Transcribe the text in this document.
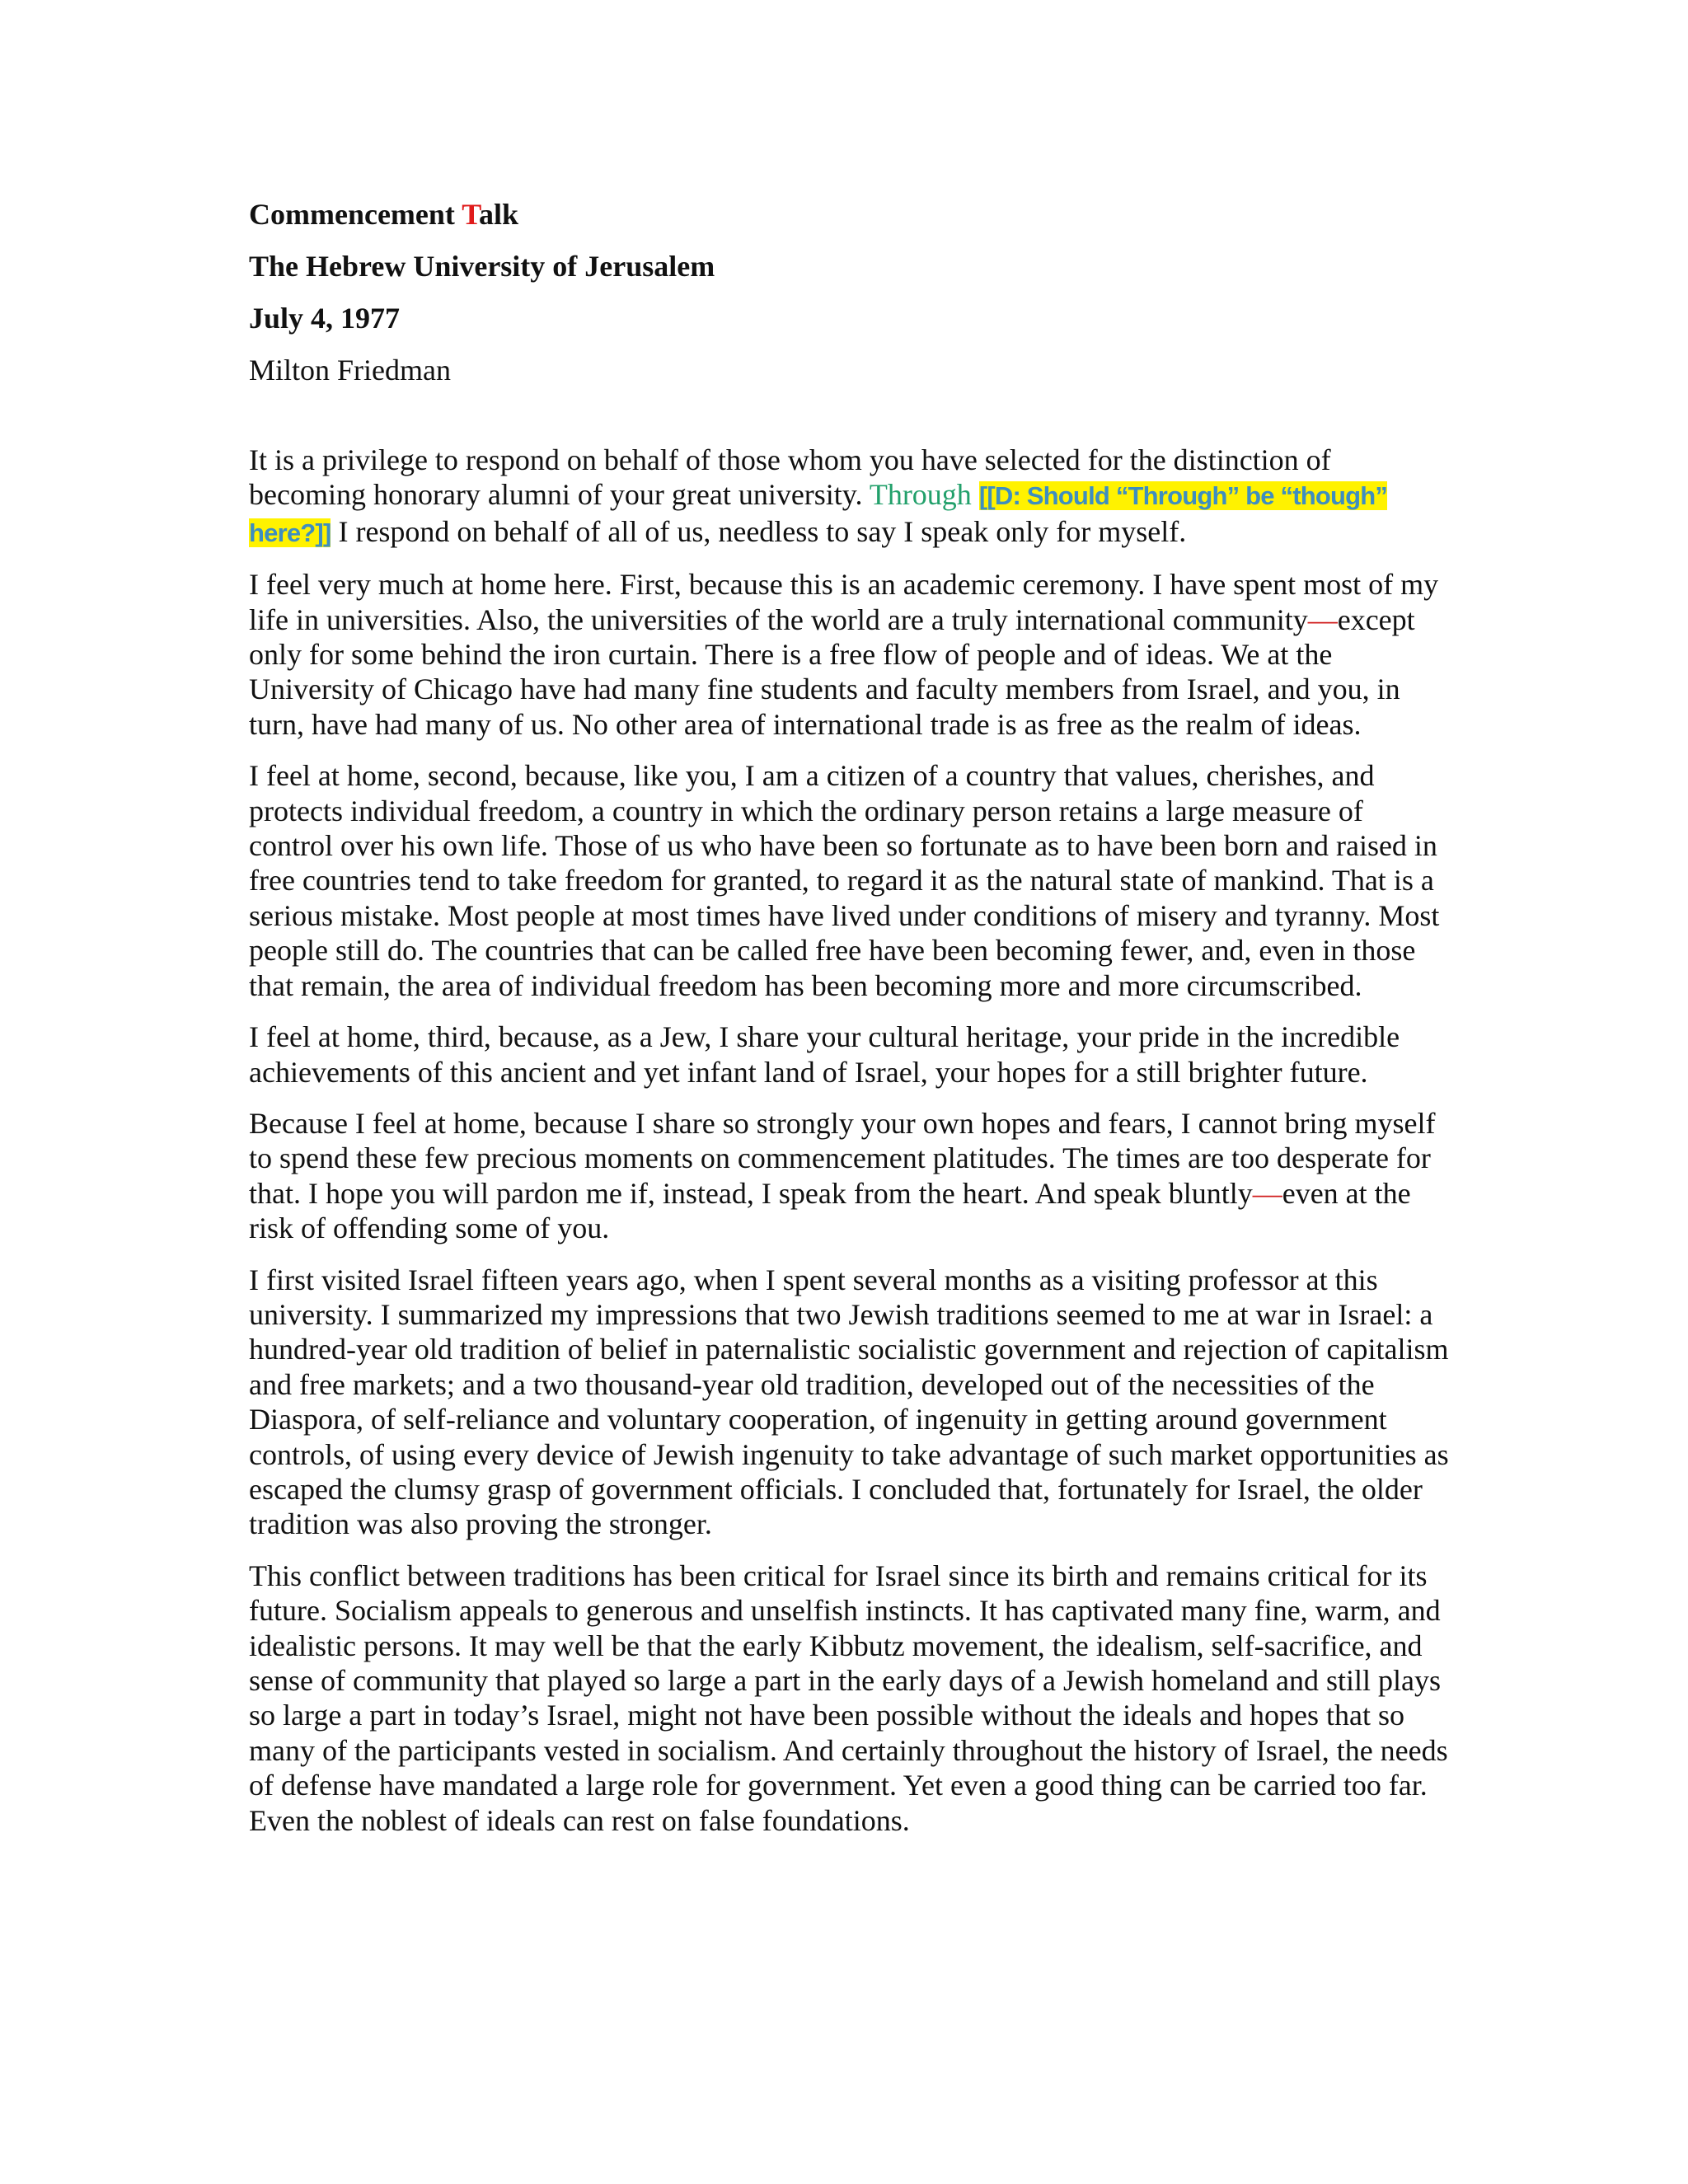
Commencement Talk
The Hebrew University of Jerusalem
July 4, 1977
Milton Friedman

It is a privilege to respond on behalf of those whom you have selected for the distinction of becoming honorary alumni of your great university. Through [[D: Should “Through” be “though” here?]] I respond on behalf of all of us, needless to say I speak only for myself.

I feel very much at home here. First, because this is an academic ceremony. I have spent most of my life in universities. Also, the universities of the world are a truly international community—except only for some behind the iron curtain. There is a free flow of people and of ideas. We at the University of Chicago have had many fine students and faculty members from Israel, and you, in turn, have had many of us. No other area of international trade is as free as the realm of ideas.

I feel at home, second, because, like you, I am a citizen of a country that values, cherishes, and protects individual freedom, a country in which the ordinary person retains a large measure of control over his own life. Those of us who have been so fortunate as to have been born and raised in free countries tend to take freedom for granted, to regard it as the natural state of mankind. That is a serious mistake. Most people at most times have lived under conditions of misery and tyranny. Most people still do. The countries that can be called free have been becoming fewer, and, even in those that remain, the area of individual freedom has been becoming more and more circumscribed.

I feel at home, third, because, as a Jew, I share your cultural heritage, your pride in the incredible achievements of this ancient and yet infant land of Israel, your hopes for a still brighter future.

Because I feel at home, because I share so strongly your own hopes and fears, I cannot bring myself to spend these few precious moments on commencement platitudes. The times are too desperate for that. I hope you will pardon me if, instead, I speak from the heart. And speak bluntly—even at the risk of offending some of you.

I first visited Israel fifteen years ago, when I spent several months as a visiting professor at this university. I summarized my impressions that two Jewish traditions seemed to me at war in Israel: a hundred-year old tradition of belief in paternalistic socialistic government and rejection of capitalism and free markets; and a two thousand-year old tradition, developed out of the necessities of the Diaspora, of self-reliance and voluntary cooperation, of ingenuity in getting around government controls, of using every device of Jewish ingenuity to take advantage of such market opportunities as escaped the clumsy grasp of government officials. I concluded that, fortunately for Israel, the older tradition was also proving the stronger.

This conflict between traditions has been critical for Israel since its birth and remains critical for its future. Socialism appeals to generous and unselfish instincts. It has captivated many fine, warm, and idealistic persons. It may well be that the early Kibbutz movement, the idealism, self-sacrifice, and sense of community that played so large a part in the early days of a Jewish homeland and still plays so large a part in today’s Israel, might not have been possible without the ideals and hopes that so many of the participants vested in socialism. And certainly throughout the history of Israel, the needs of defense have mandated a large role for government. Yet even a good thing can be carried too far. Even the noblest of ideals can rest on false foundations.
